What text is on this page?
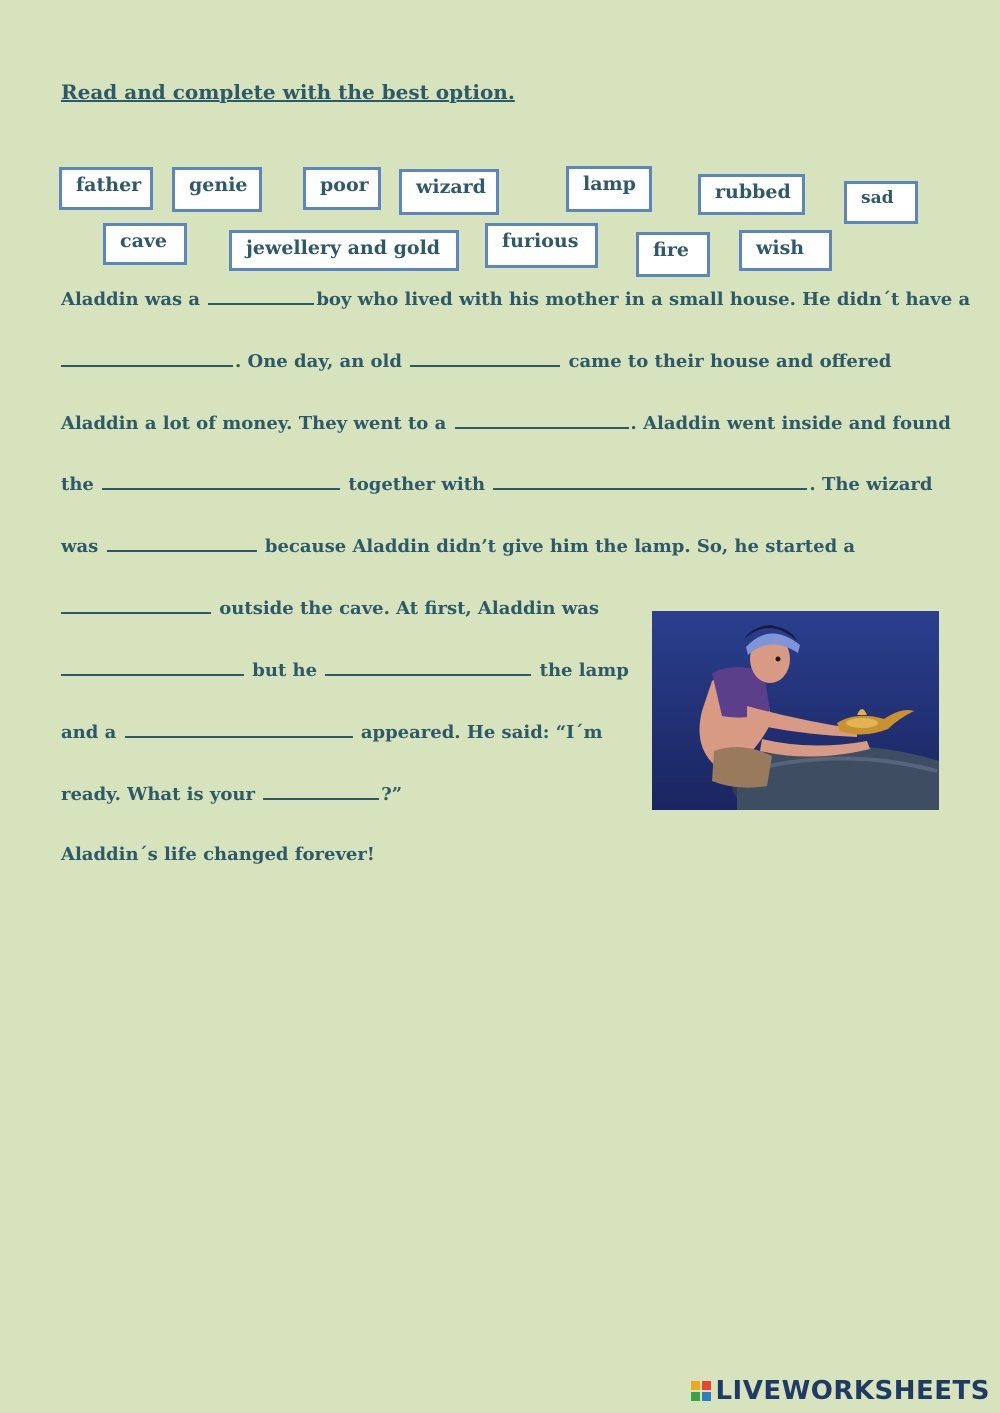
Read and complete with the best option.
father	genie	poor	wizard	lamp	rubbed	sad
cave	jewellery and gold	furious	fire	wish
Aladdin was a	boy who lived with his mother in a small house. He didn´t have a
. One day, an old	came to their house and offered
Aladdin a lot of money. They went to a	. Aladdin went inside and found
the	together with	. The wizard
was	because Aladdin didn’t give him the lamp. So, he started a
outside the cave. At first, Aladdin was
but he	the lamp
and a	appeared. He said: “I´m
ready. What is your	?”
Aladdin´s life changed forever!
LIVEWORKSHEETS
